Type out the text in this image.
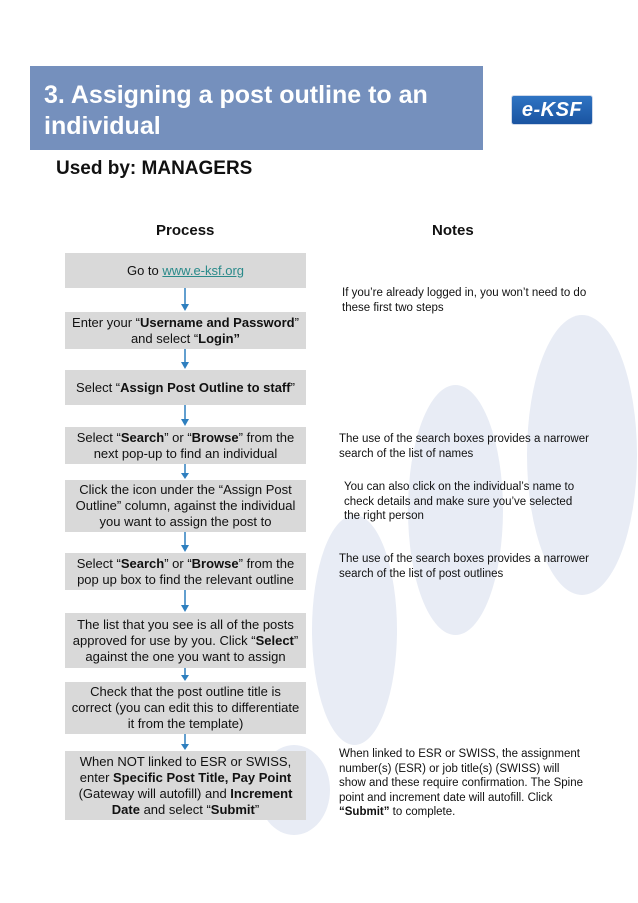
3. Assigning a post outline to an individual
e-KSF
Used by: MANAGERS
Process	Notes
Go to www.e-ksf.org
Enter your “Username and Password” and select “Login”
Select “Assign Post Outline to staff”
Select “Search” or “Browse” from the next pop-up to find an individual
Click the icon under the “Assign Post Outline” column, against the individual you want to assign the post to
Select “Search” or “Browse” from the pop up box to find the relevant outline
The list that you see is all of the posts approved for use by you. Click “Select” against the one you want to assign
Check that the post outline title is correct (you can edit this to differentiate it from the template)
When NOT linked to ESR or SWISS, enter Specific Post Title, Pay Point (Gateway will autofill) and Increment Date and select “Submit”
If you’re already logged in, you won’t need to do these first two steps
The use of the search boxes provides a narrower search of the list of names
You can also click on the individual’s name to check details and make sure you’ve selected the right person
The use of the search boxes provides a narrower search of the list of post outlines
When linked to ESR or SWISS, the assignment number(s) (ESR) or job title(s) (SWISS) will show and these require confirmation. The Spine point and increment date will autofill. Click “Submit” to complete.
